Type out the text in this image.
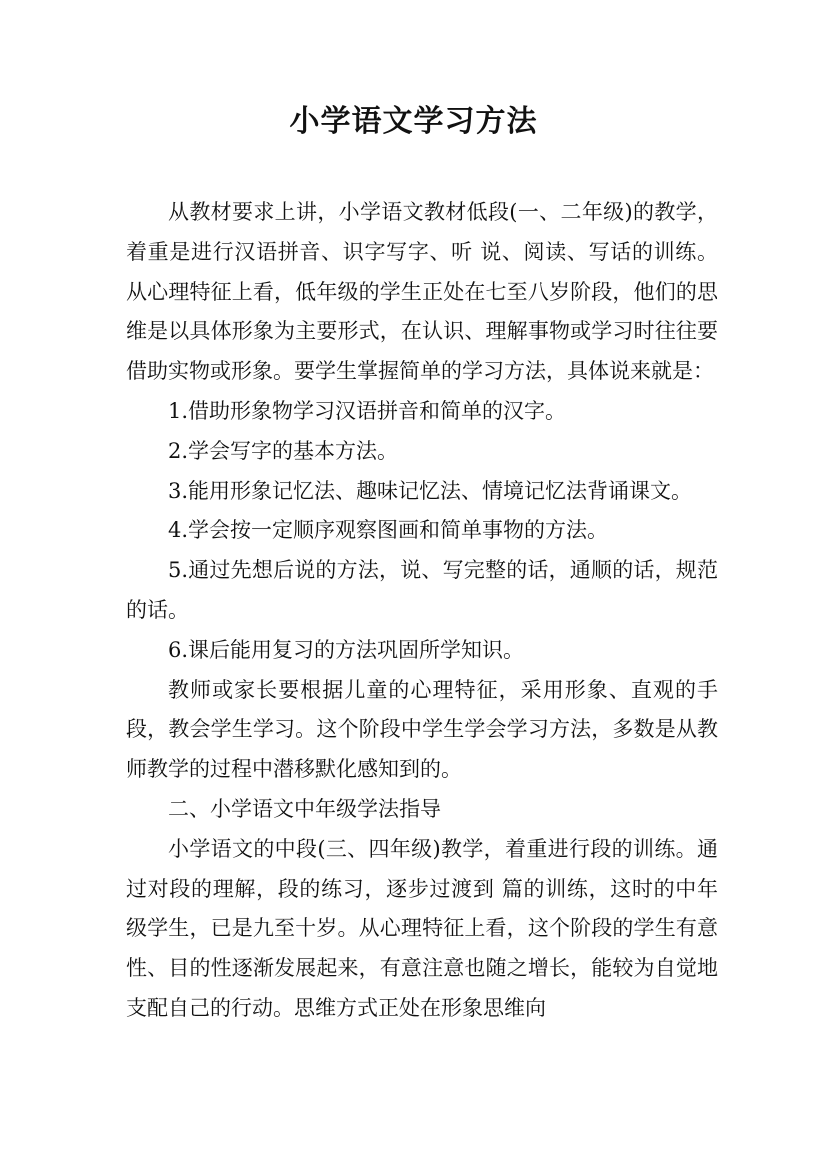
小学语文学习方法

从教材要求上讲，小学语文教材低段(一、二年级)的教学，着重是进行汉语拼音、识字写字、听 说、阅读、写话的训练。从心理特征上看，低年级的学生正处在七至八岁阶段，他们的思维是以具体形象为主要形式，在认识、理解事物或学习时往往要借助实物或形象。要学生掌握简单的学习方法，具体说来就是：

1.借助形象物学习汉语拼音和简单的汉字。

2.学会写字的基本方法。

3.能用形象记忆法、趣味记忆法、情境记忆法背诵课文。

4.学会按一定顺序观察图画和简单事物的方法。

5.通过先想后说的方法，说、写完整的话，通顺的话，规范的话。

6.课后能用复习的方法巩固所学知识。

教师或家长要根据儿童的心理特征，采用形象、直观的手段，教会学生学习。这个阶段中学生学会学习方法，多数是从教师教学的过程中潜移默化感知到的。

二、小学语文中年级学法指导

小学语文的中段(三、四年级)教学，着重进行段的训练。通过对段的理解，段的练习，逐步过渡到 篇的训练，这时的中年级学生，已是九至十岁。从心理特征上看，这个阶段的学生有意性、目的性逐渐发展起来，有意注意也随之增长，能较为自觉地支配自己的行动。思维方式正处在形象思维向
